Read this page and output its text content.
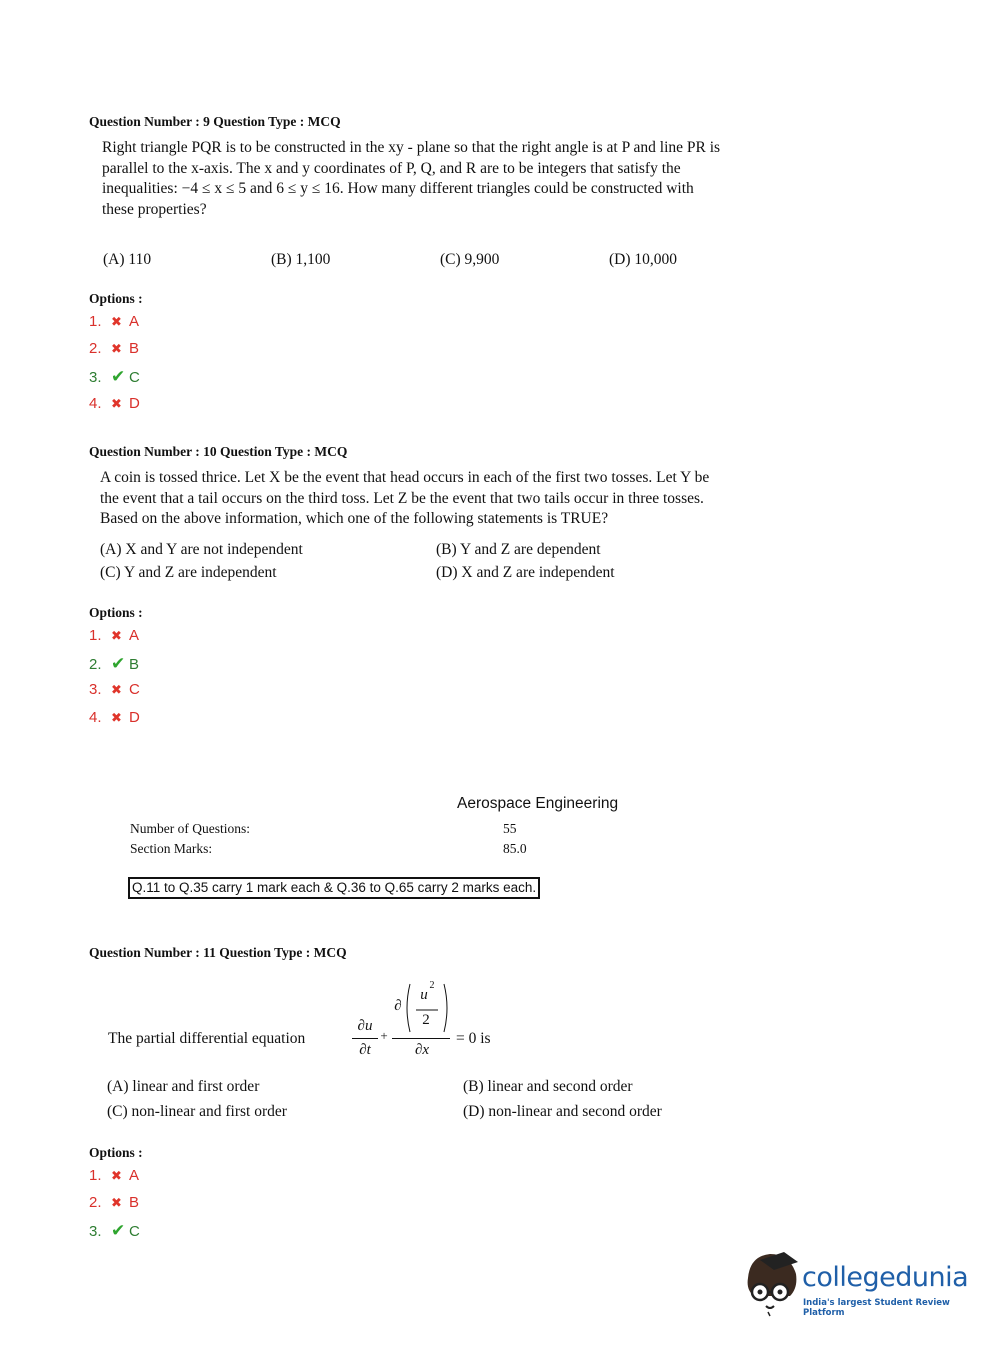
Question Number : 9 Question Type : MCQ
Right triangle PQR is to be constructed in the xy - plane so that the right angle is at P and line PR is
parallel to the x-axis. The x and y coordinates of P, Q, and R are to be integers that satisfy the
inequalities: −4 ≤ x ≤ 5 and 6 ≤ y ≤ 16. How many different triangles could be constructed with
these properties?
(A) 110	(B) 1,100	(C) 9,900	(D) 10,000
Options :
1. ✖ A
2. ✖ B
3. ✔ C
4. ✖ D
Question Number : 10 Question Type : MCQ
A coin is tossed thrice. Let X be the event that head occurs in each of the first two tosses. Let Y be
the event that a tail occurs on the third toss. Let Z be the event that two tails occur in three tosses.
Based on the above information, which one of the following statements is TRUE?
(A) X and Y are not independent	(B) Y and Z are dependent
(C) Y and Z are independent	(D) X and Z are independent
Options :
1. ✖ A
2. ✔ B
3. ✖ C
4. ✖ D
Aerospace Engineering
Number of Questions:	55
Section Marks:	85.0
Q.11 to Q.35 carry 1 mark each & Q.36 to Q.65 carry 2 marks each.
Question Number : 11 Question Type : MCQ
The partial differential equation
∂u
∂t
+
∂
u
2
2
∂x
= 0 is
(A) linear and first order	(B) linear and second order
(C) non-linear and first order	(D) non-linear and second order
Options :
1. ✖ A
2. ✖ B
3. ✔ C
collegedunia
India's largest Student Review Platform
